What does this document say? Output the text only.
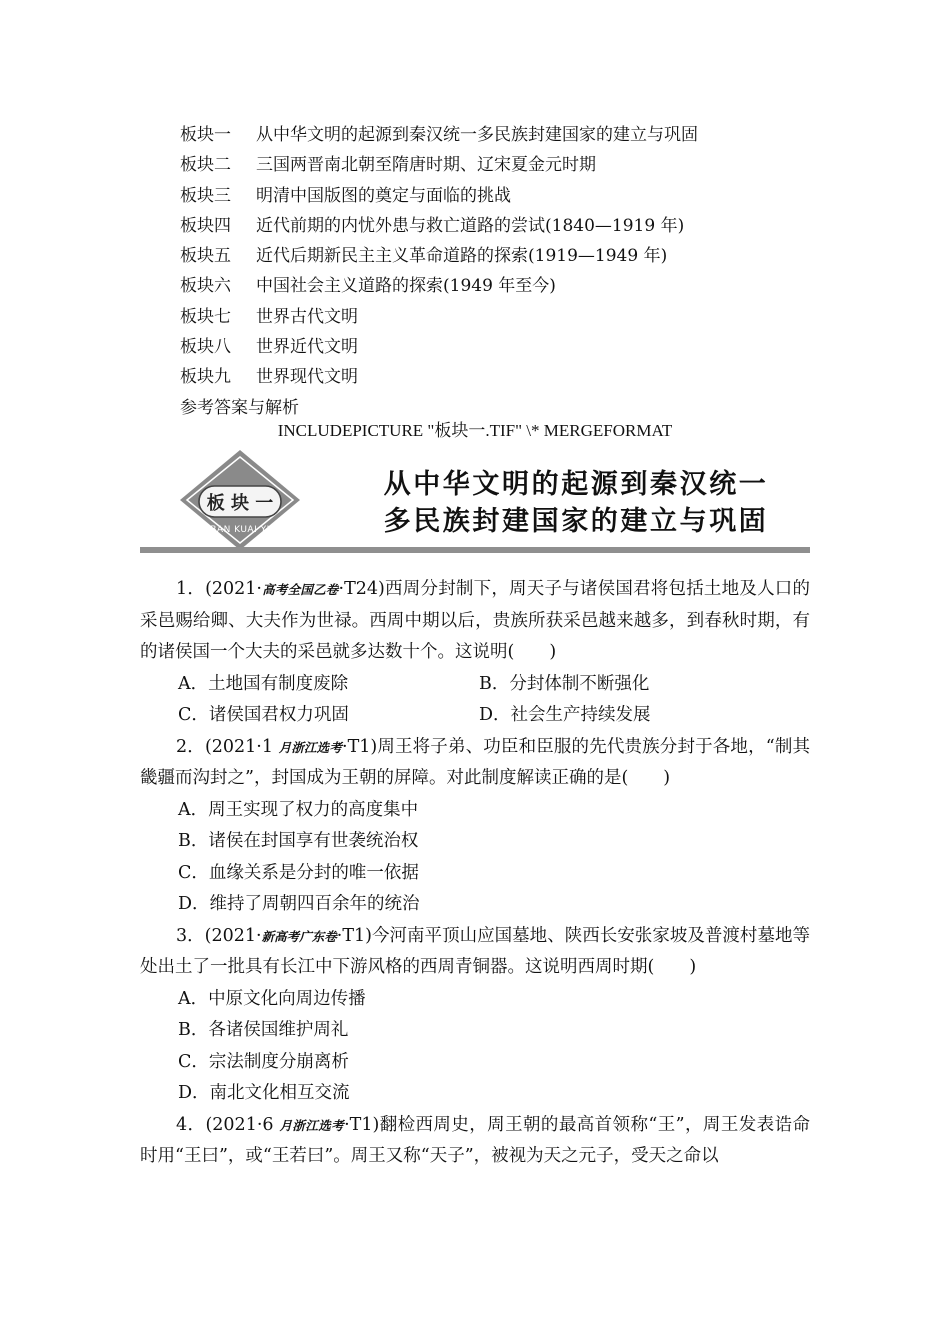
板块一 从中华文明的起源到秦汉统一多民族封建国家的建立与巩固
板块二 三国两晋南北朝至隋唐时期、辽宋夏金元时期
板块三 明清中国版图的奠定与面临的挑战
板块四 近代前期的内忧外患与救亡道路的尝试(1840—1919 年)
板块五 近代后期新民主主义革命道路的探索(1919—1949 年)
板块六 中国社会主义道路的探索(1949 年至今)
板块七 世界古代文明
板块八 世界近代文明
板块九 世界现代文明
参考答案与解析
INCLUDEPICTURE "板块一.TIF" \* MERGEFORMAT
板 块 一
BAN KUAI YI
从中华文明的起源到秦汉统一
多民族封建国家的建立与巩固

1．(2021·高考全国乙卷·T24)西周分封制下，周天子与诸侯国君将包括土地及人口的采邑赐给卿、大夫作为世禄。西周中期以后，贵族所获采邑越来越多，到春秋时期，有的诸侯国一个大夫的采邑就多达数十个。这说明(　　)

A．土地国有制度废除	B．分封体制不断强化
C．诸侯国君权力巩固	D．社会生产持续发展

2．(2021·1 月浙江选考·T1)周王将子弟、功臣和臣服的先代贵族分封于各地，“制其畿疆而沟封之”，封国成为王朝的屏障。对此制度解读正确的是(　　)

A．周王实现了权力的高度集中

B．诸侯在封国享有世袭统治权

C．血缘关系是分封的唯一依据

D．维持了周朝四百余年的统治

3．(2021·新高考广东卷·T1)今河南平顶山应国墓地、陕西长安张家坡及普渡村墓地等处出土了一批具有长江中下游风格的西周青铜器。这说明西周时期(　　)

A．中原文化向周边传播

B．各诸侯国维护周礼

C．宗法制度分崩离析

D．南北文化相互交流

4．(2021·6 月浙江选考·T1)翻检西周史，周王朝的最高首领称“王”，周王发表诰命时用“王曰”，或“王若曰”。周王又称“天子”，被视为天之元子，受天之命以
